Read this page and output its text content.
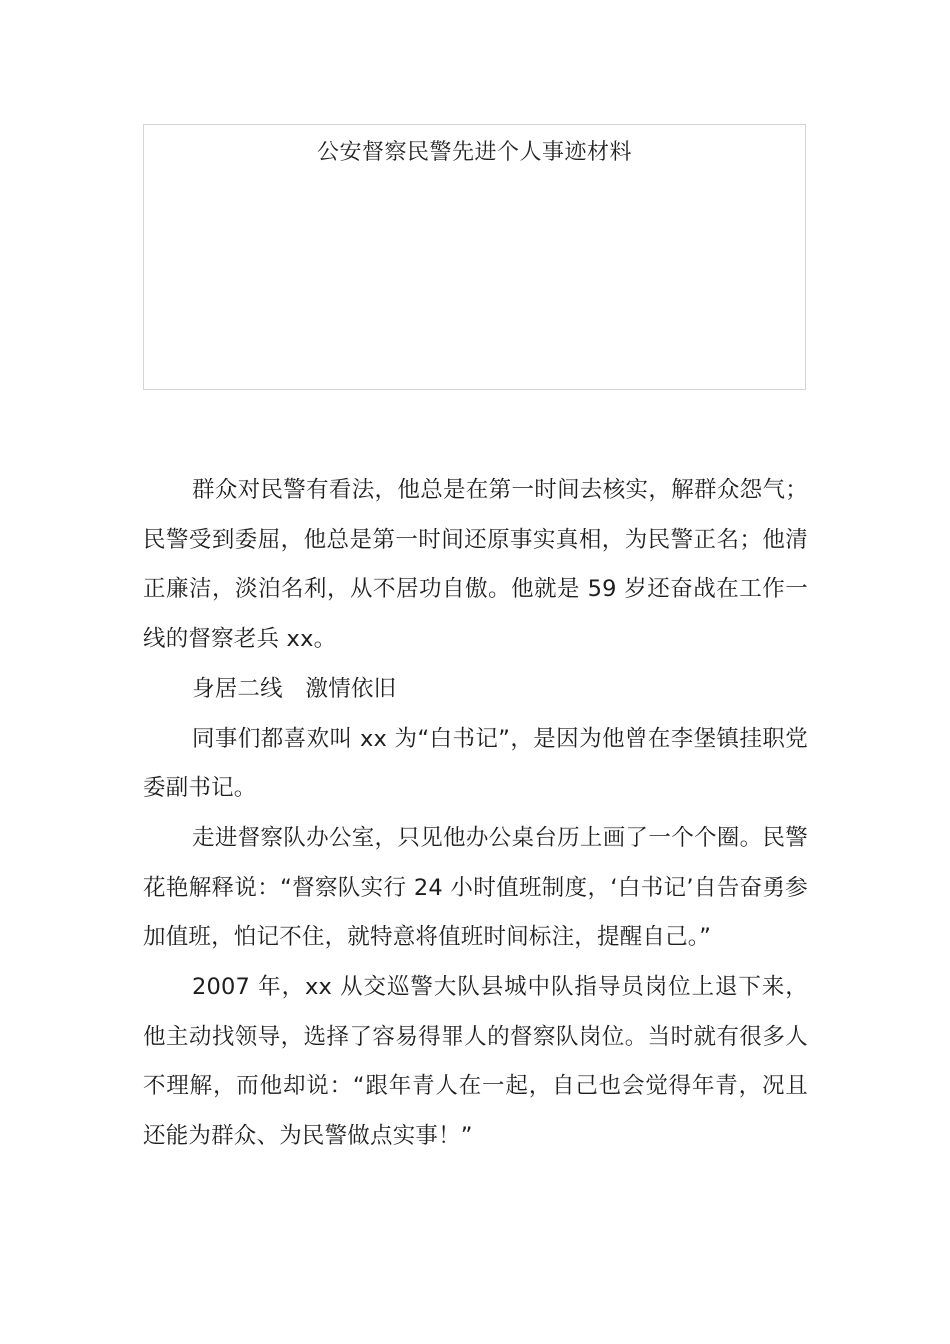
公安督察民警先进个人事迹材料

群众对民警有看法，他总是在第一时间去核实，解群众怨气；民警受到委屈，他总是第一时间还原事实真相，为民警正名；他清正廉洁，淡泊名利，从不居功自傲。他就是 59 岁还奋战在工作一线的督察老兵 xx。

身居二线　激情依旧

同事们都喜欢叫 xx 为“白书记”，是因为他曾在李堡镇挂职党委副书记。

走进督察队办公室，只见他办公桌台历上画了一个个圈。民警花艳解释说：“督察队实行 24 小时值班制度，‘白书记’自告奋勇参加值班，怕记不住，就特意将值班时间标注，提醒自己。”

2007 年，xx 从交巡警大队县城中队指导员岗位上退下来，他主动找领导，选择了容易得罪人的督察队岗位。当时就有很多人不理解，而他却说：“跟年青人在一起，自己也会觉得年青，况且还能为群众、为民警做点实事！”
